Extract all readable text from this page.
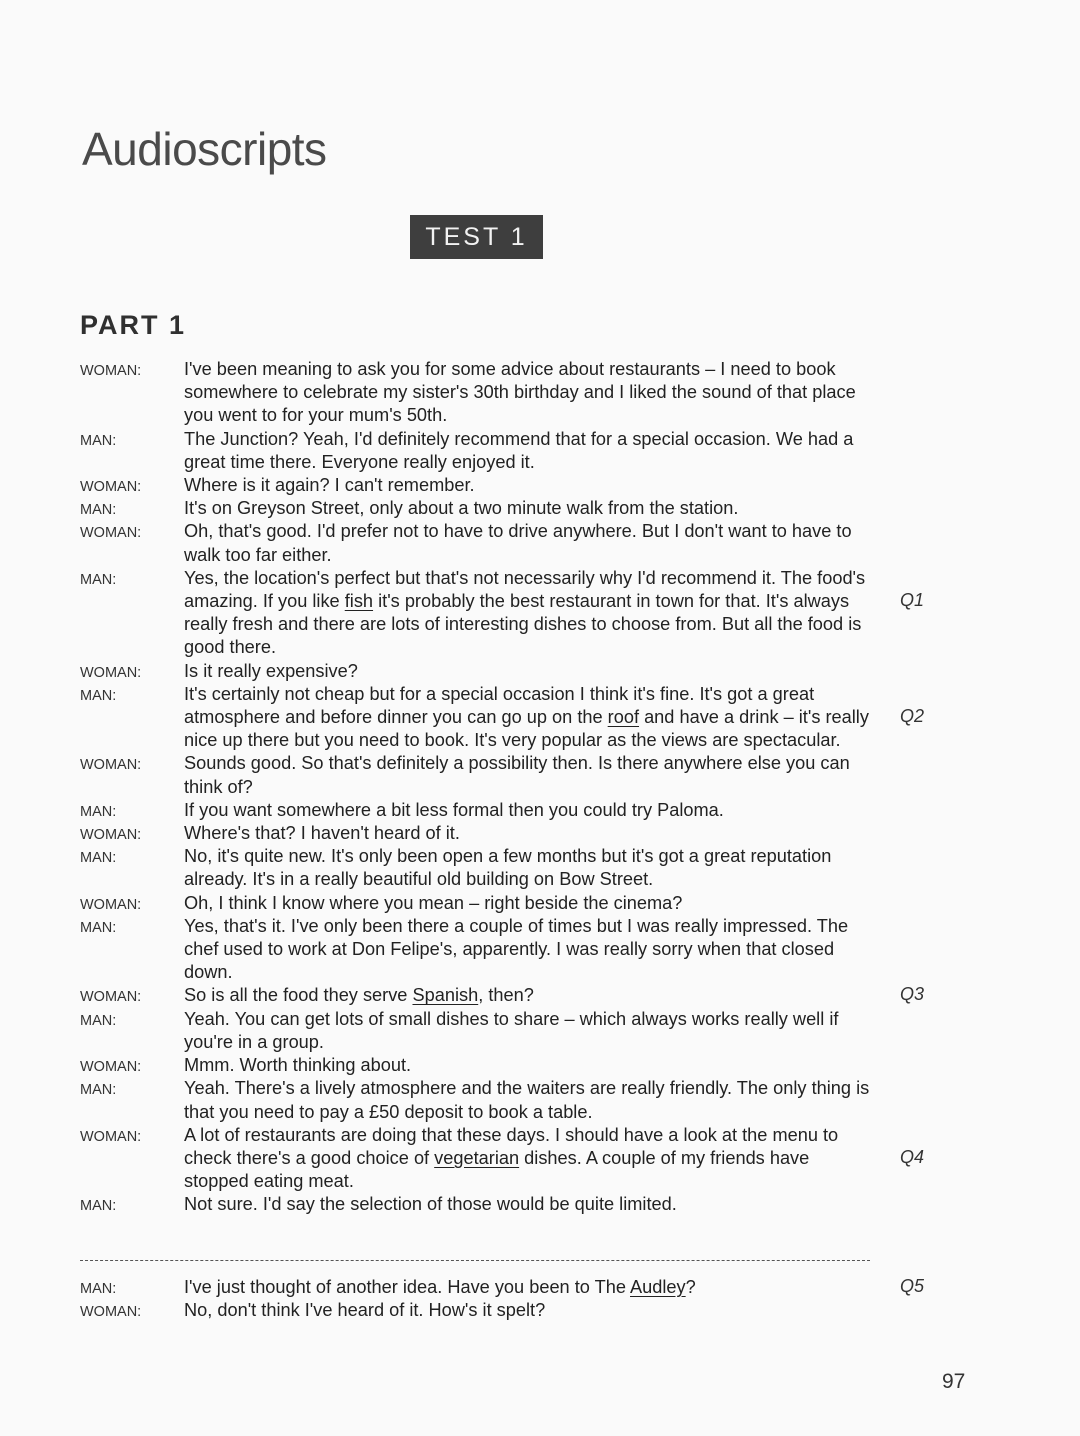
Audioscripts
TEST 1
PART 1
WOMAN:	I've been meaning to ask you for some advice about restaurants – I need to book somewhere to celebrate my sister's 30th birthday and I liked the sound of that place you went to for your mum's 50th.
MAN:	The Junction? Yeah, I'd definitely recommend that for a special occasion. We had a great time there. Everyone really enjoyed it.
WOMAN:	Where is it again? I can't remember.
MAN:	It's on Greyson Street, only about a two minute walk from the station.
WOMAN:	Oh, that's good. I'd prefer not to have to drive anywhere. But I don't want to have to walk too far either.
MAN:	Yes, the location's perfect but that's not necessarily why I'd recommend it. The food's amazing. If you like fish it's probably the best restaurant in town for that. It's always really fresh and there are lots of interesting dishes to choose from. But all the food is good there.
Q1
WOMAN:	Is it really expensive?
MAN:	It's certainly not cheap but for a special occasion I think it's fine. It's got a great atmosphere and before dinner you can go up on the roof and have a drink – it's really nice up there but you need to book. It's very popular as the views are spectacular.
Q2
WOMAN:	Sounds good. So that's definitely a possibility then. Is there anywhere else you can think of?
MAN:	If you want somewhere a bit less formal then you could try Paloma.
WOMAN:	Where's that? I haven't heard of it.
MAN:	No, it's quite new. It's only been open a few months but it's got a great reputation already. It's in a really beautiful old building on Bow Street.
WOMAN:	Oh, I think I know where you mean – right beside the cinema?
MAN:	Yes, that's it. I've only been there a couple of times but I was really impressed. The chef used to work at Don Felipe's, apparently. I was really sorry when that closed down.
WOMAN:	So is all the food they serve Spanish, then?	Q3
MAN:	Yeah. You can get lots of small dishes to share – which always works really well if you're in a group.
WOMAN:	Mmm. Worth thinking about.
MAN:	Yeah. There's a lively atmosphere and the waiters are really friendly. The only thing is that you need to pay a £50 deposit to book a table.
WOMAN:	A lot of restaurants are doing that these days. I should have a look at the menu to check there's a good choice of vegetarian dishes. A couple of my friends have stopped eating meat.
Q4
MAN:	Not sure. I'd say the selection of those would be quite limited.
MAN:	I've just thought of another idea. Have you been to The Audley?	Q5
WOMAN:	No, don't think I've heard of it. How's it spelt?
97
